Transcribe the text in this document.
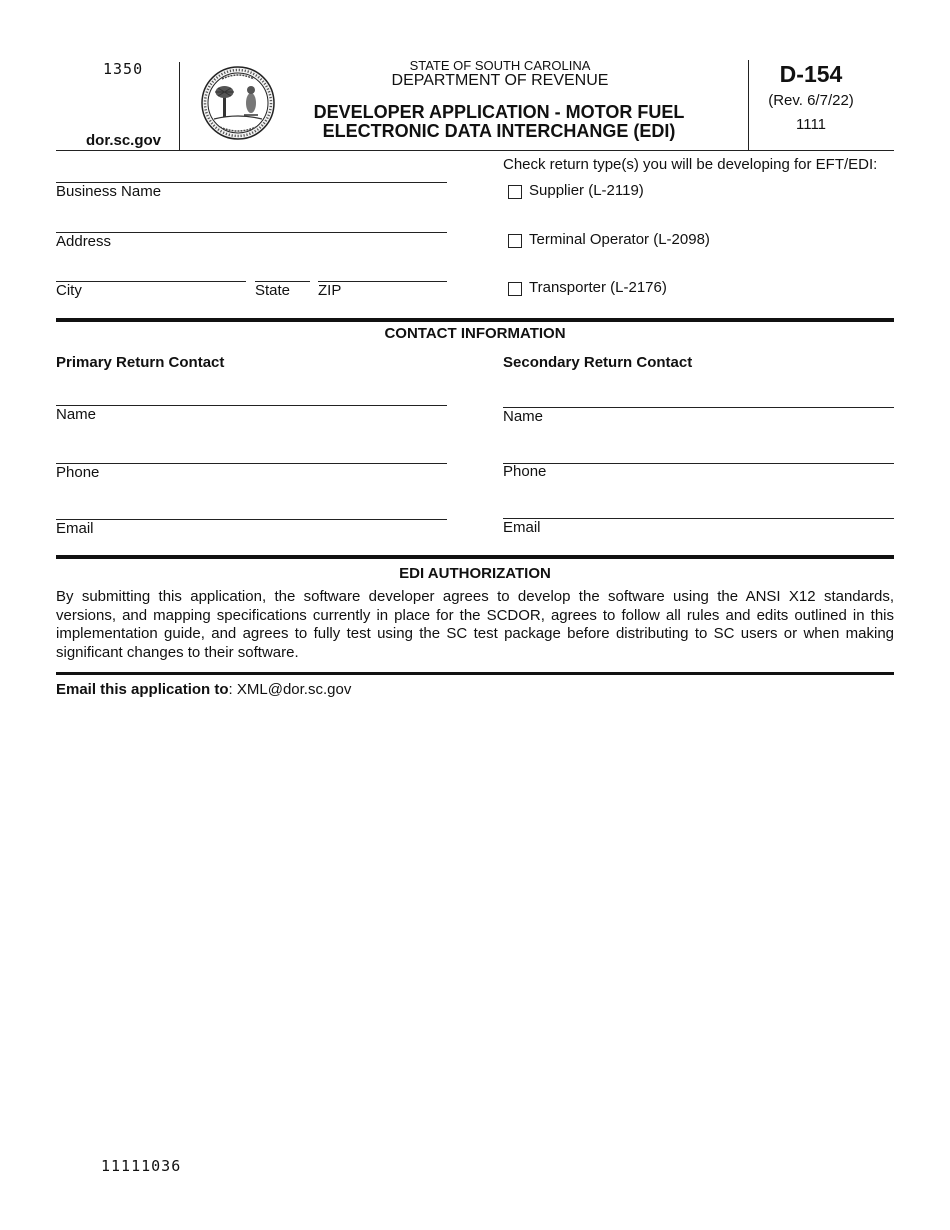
1350
dor.sc.gov
STATE OF SOUTH CAROLINA
DEPARTMENT OF REVENUE
DEVELOPER APPLICATION - MOTOR FUEL
ELECTRONIC DATA INTERCHANGE (EDI)
D-154
(Rev. 6/7/22)
1111
Business Name
Address
City	State ZIP
Check return type(s) you will be developing for EFT/EDI:
Supplier (L-2119)
Terminal Operator (L-2098)
Transporter (L-2176)
CONTACT INFORMATION
Primary Return Contact	Secondary Return Contact
Name	Name
Phone	Phone
Email	Email
EDI AUTHORIZATION
By submitting this application, the software developer agrees to develop the software using the ANSI X12 standards,
versions, and mapping specifications currently in place for the SCDOR, agrees to follow all rules and edits outlined in this
implementation guide, and agrees to fully test using the SC test package before distributing to SC users or when making
significant changes to their software.
Email this application to: XML@dor.sc.gov
11111036
